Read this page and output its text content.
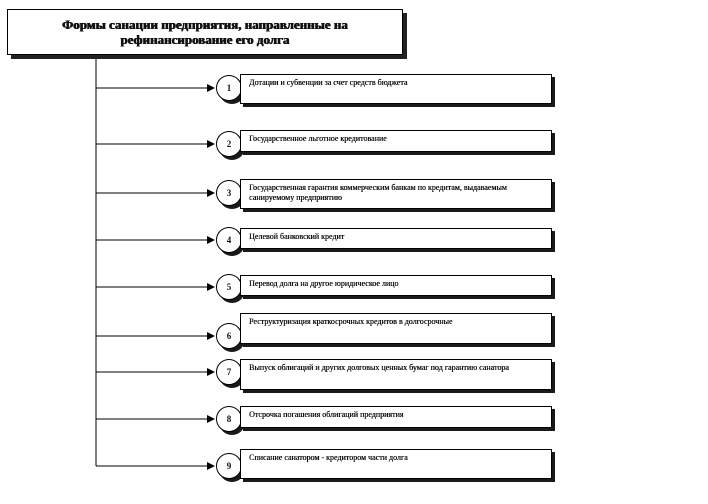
Формы санации предприятия, направленные на рефинансирование его долга
1
Дотации и субвенции за счет средств бюджета
2
Государственное льготное кредитование
3
Государственная гарантия коммерческим банкам по кредитам, выдаваемым санируемому предприятию
4	Целевой банковский кредит
5	Перевод долга на другое юридическое лицо
6
Реструктуризация краткосрочных кредитов в долгосрочные
7	Выпуск облигаций и других долговых ценных бумаг под гарантию санатора
8	Отсрочка погашения облигаций предприятия
9
Списание санатором - кредитором части долга
